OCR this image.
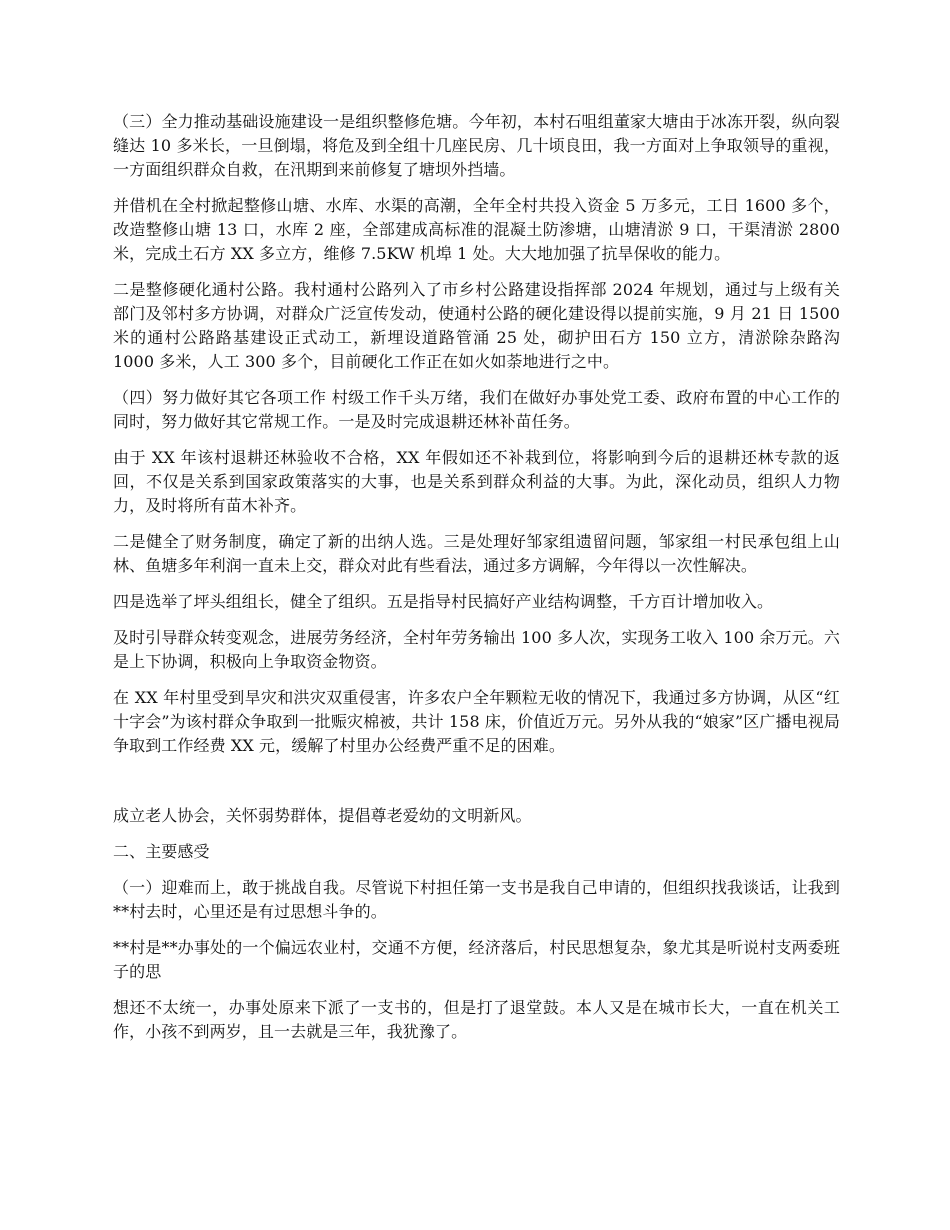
（三）全力推动基础设施建设一是组织整修危塘。今年初，本村石咀组董家大塘由于冰冻开裂，纵向裂缝达 10 多米长，一旦倒塌，将危及到全组十几座民房、几十顷良田，我一方面对上争取领导的重视，一方面组织群众自救，在汛期到来前修复了塘坝外挡墙。

并借机在全村掀起整修山塘、水库、水渠的高潮，全年全村共投入资金 5 万多元，工日 1600 多个，改造整修山塘 13 口，水库 2 座，全部建成高标准的混凝土防渗塘，山塘清淤 9 口，干渠清淤 2800 米，完成土石方 XX 多立方，维修 7.5KW 机埠 1 处。大大地加强了抗旱保收的能力。

二是整修硬化通村公路。我村通村公路列入了市乡村公路建设指挥部 2024 年规划，通过与上级有关部门及邻村多方协调，对群众广泛宣传发动，使通村公路的硬化建设得以提前实施，9 月 21 日 1500 米的通村公路路基建设正式动工，新埋设道路管涌 25 处，砌护田石方 150 立方，清淤除杂路沟 1000 多米，人工 300 多个，目前硬化工作正在如火如荼地进行之中。

（四）努力做好其它各项工作 村级工作千头万绪，我们在做好办事处党工委、政府布置的中心工作的同时，努力做好其它常规工作。一是及时完成退耕还林补苗任务。

由于 XX 年该村退耕还林验收不合格，XX 年假如还不补栽到位，将影响到今后的退耕还林专款的返回，不仅是关系到国家政策落实的大事，也是关系到群众利益的大事。为此，深化动员，组织人力物力，及时将所有苗木补齐。

二是健全了财务制度，确定了新的出纳人选。三是处理好邹家组遗留问题，邹家组一村民承包组上山林、鱼塘多年利润一直未上交，群众对此有些看法，通过多方调解，今年得以一次性解决。

四是选举了坪头组组长，健全了组织。五是指导村民搞好产业结构调整，千方百计增加收入。

及时引导群众转变观念，进展劳务经济，全村年劳务输出 100 多人次，实现务工收入 100 余万元。六是上下协调，积极向上争取资金物资。

在 XX 年村里受到旱灾和洪灾双重侵害，许多农户全年颗粒无收的情况下，我通过多方协调，从区“红十字会”为该村群众争取到一批赈灾棉被，共计 158 床，价值近万元。另外从我的“娘家”区广播电视局争取到工作经费 XX 元，缓解了村里办公经费严重不足的困难。

成立老人协会，关怀弱势群体，提倡尊老爱幼的文明新风。

二、主要感受

（一）迎难而上，敢于挑战自我。尽管说下村担任第一支书是我自己申请的，但组织找我谈话，让我到**村去时，心里还是有过思想斗争的。

**村是**办事处的一个偏远农业村，交通不方便，经济落后，村民思想复杂，象尤其是听说村支两委班子的思

想还不太统一，办事处原来下派了一支书的，但是打了退堂鼓。本人又是在城市长大，一直在机关工作，小孩不到两岁，且一去就是三年，我犹豫了。
